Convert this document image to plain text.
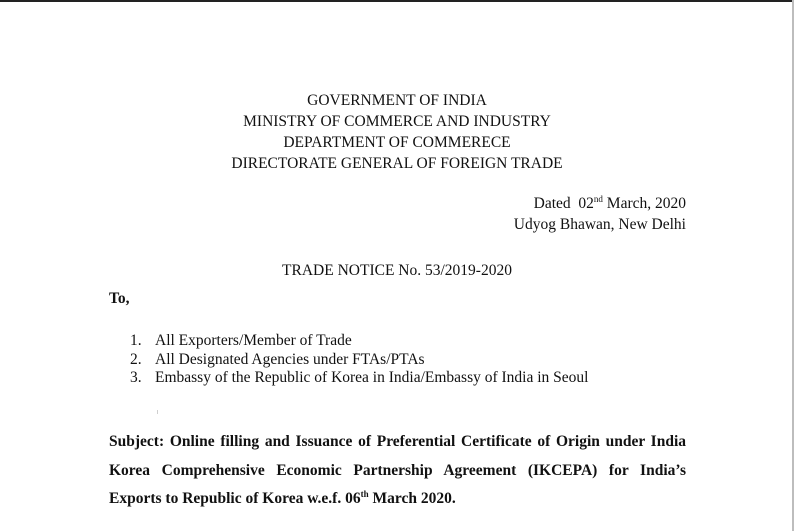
GOVERNMENT OF INDIA
MINISTRY OF COMMERCE AND INDUSTRY
DEPARTMENT OF COMMERECE
DIRECTORATE GENERAL OF FOREIGN TRADE
Dated  02nd March, 2020
Udyog Bhawan, New Delhi
TRADE NOTICE No. 53/2019-2020
To,
1. All Exporters/Member of Trade
2. All Designated Agencies under FTAs/PTAs
3. Embassy of the Republic of Korea in India/Embassy of India in Seoul
Subject: Online filling and Issuance of Preferential Certificate of Origin under India
Korea Comprehensive Economic Partnership Agreement (IKCEPA) for India’s
Exports to Republic of Korea w.e.f. 06th March 2020.
